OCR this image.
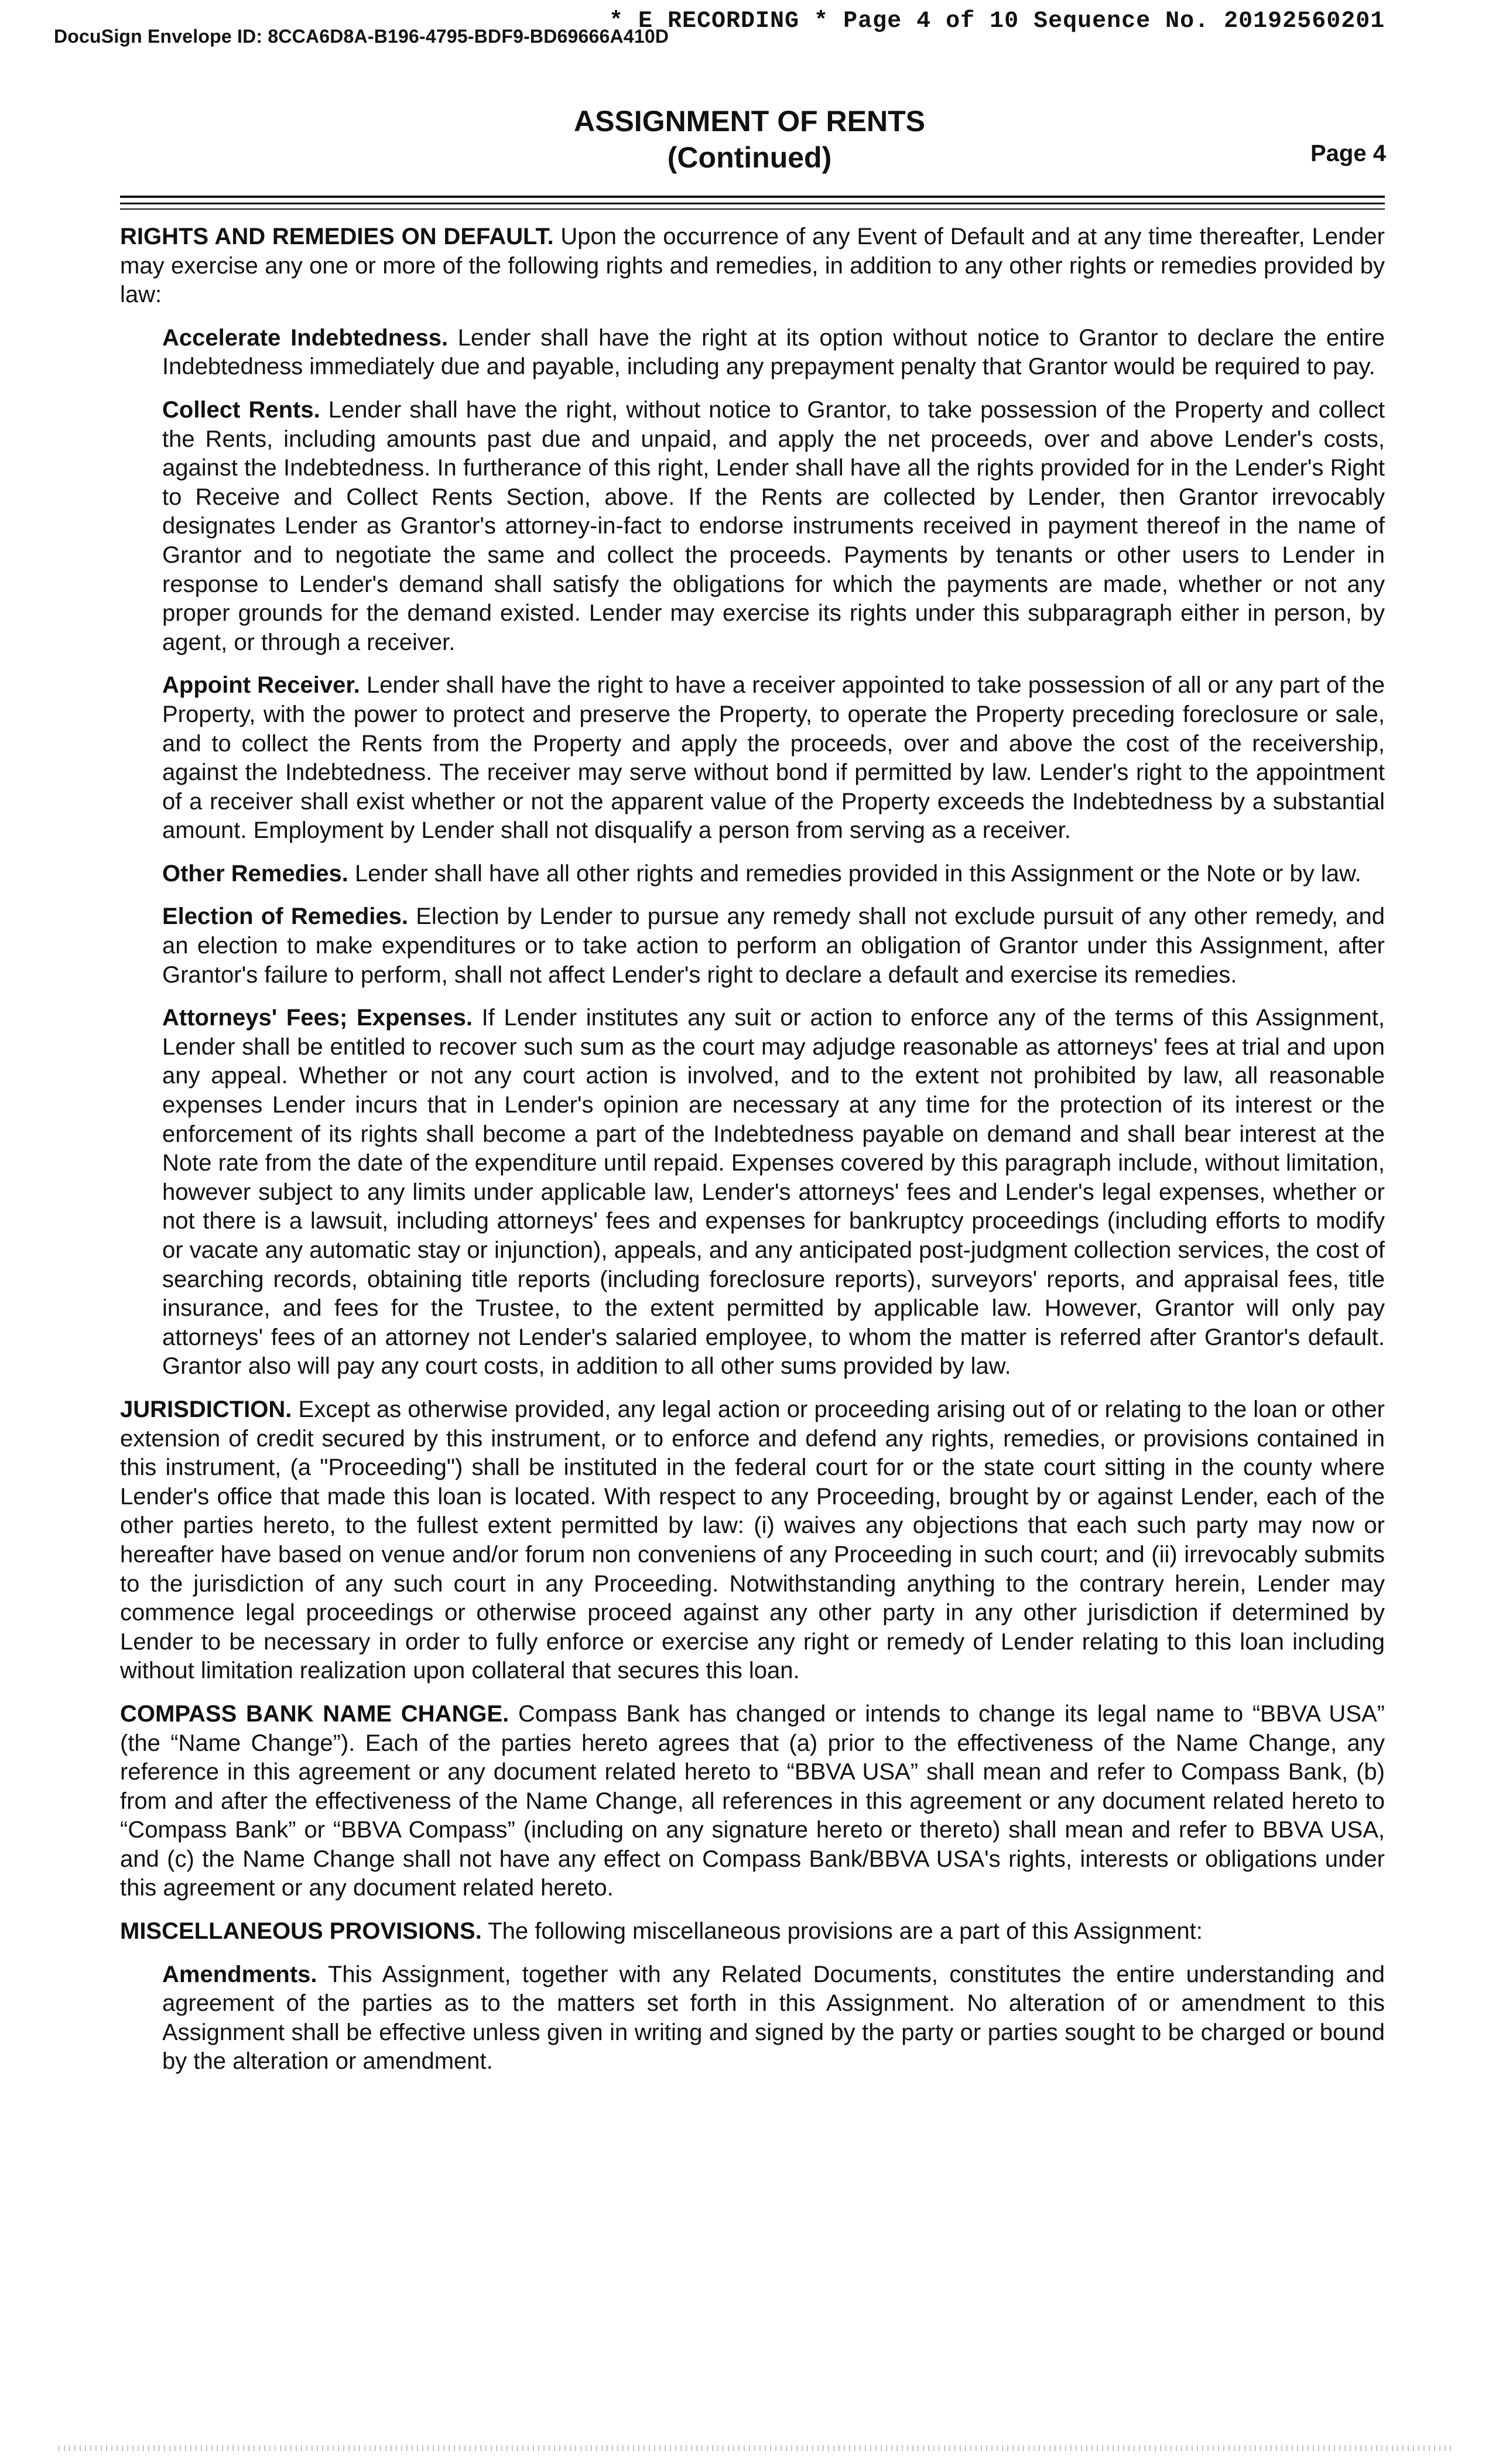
* E RECORDING * Page 4 of 10 Sequence No. 20192560201
DocuSign Envelope ID: 8CCA6D8A-B196-4795-BDF9-BD69666A410D
ASSIGNMENT OF RENTS
(Continued)	Page 4

RIGHTS AND REMEDIES ON DEFAULT. Upon the occurrence of any Event of Default and at any time thereafter, Lender may exercise any one or more of the following rights and remedies, in addition to any other rights or remedies provided by law:

Accelerate Indebtedness. Lender shall have the right at its option without notice to Grantor to declare the entire Indebtedness immediately due and payable, including any prepayment penalty that Grantor would be required to pay.

Collect Rents. Lender shall have the right, without notice to Grantor, to take possession of the Property and collect the Rents, including amounts past due and unpaid, and apply the net proceeds, over and above Lender's costs, against the Indebtedness. In furtherance of this right, Lender shall have all the rights provided for in the Lender's Right to Receive and Collect Rents Section, above. If the Rents are collected by Lender, then Grantor irrevocably designates Lender as Grantor's attorney-in-fact to endorse instruments received in payment thereof in the name of Grantor and to negotiate the same and collect the proceeds. Payments by tenants or other users to Lender in response to Lender's demand shall satisfy the obligations for which the payments are made, whether or not any proper grounds for the demand existed. Lender may exercise its rights under this subparagraph either in person, by agent, or through a receiver.

Appoint Receiver. Lender shall have the right to have a receiver appointed to take possession of all or any part of the Property, with the power to protect and preserve the Property, to operate the Property preceding foreclosure or sale, and to collect the Rents from the Property and apply the proceeds, over and above the cost of the receivership, against the Indebtedness. The receiver may serve without bond if permitted by law. Lender's right to the appointment of a receiver shall exist whether or not the apparent value of the Property exceeds the Indebtedness by a substantial amount. Employment by Lender shall not disqualify a person from serving as a receiver.

Other Remedies. Lender shall have all other rights and remedies provided in this Assignment or the Note or by law.

Election of Remedies. Election by Lender to pursue any remedy shall not exclude pursuit of any other remedy, and an election to make expenditures or to take action to perform an obligation of Grantor under this Assignment, after Grantor's failure to perform, shall not affect Lender's right to declare a default and exercise its remedies.

Attorneys' Fees; Expenses. If Lender institutes any suit or action to enforce any of the terms of this Assignment, Lender shall be entitled to recover such sum as the court may adjudge reasonable as attorneys' fees at trial and upon any appeal. Whether or not any court action is involved, and to the extent not prohibited by law, all reasonable expenses Lender incurs that in Lender's opinion are necessary at any time for the protection of its interest or the enforcement of its rights shall become a part of the Indebtedness payable on demand and shall bear interest at the Note rate from the date of the expenditure until repaid. Expenses covered by this paragraph include, without limitation, however subject to any limits under applicable law, Lender's attorneys' fees and Lender's legal expenses, whether or not there is a lawsuit, including attorneys' fees and expenses for bankruptcy proceedings (including efforts to modify or vacate any automatic stay or injunction), appeals, and any anticipated post-judgment collection services, the cost of searching records, obtaining title reports (including foreclosure reports), surveyors' reports, and appraisal fees, title insurance, and fees for the Trustee, to the extent permitted by applicable law. However, Grantor will only pay attorneys' fees of an attorney not Lender's salaried employee, to whom the matter is referred after Grantor's default. Grantor also will pay any court costs, in addition to all other sums provided by law.

JURISDICTION. Except as otherwise provided, any legal action or proceeding arising out of or relating to the loan or other extension of credit secured by this instrument, or to enforce and defend any rights, remedies, or provisions contained in this instrument, (a "Proceeding") shall be instituted in the federal court for or the state court sitting in the county where Lender's office that made this loan is located. With respect to any Proceeding, brought by or against Lender, each of the other parties hereto, to the fullest extent permitted by law: (i) waives any objections that each such party may now or hereafter have based on venue and/or forum non conveniens of any Proceeding in such court; and (ii) irrevocably submits to the jurisdiction of any such court in any Proceeding. Notwithstanding anything to the contrary herein, Lender may commence legal proceedings or otherwise proceed against any other party in any other jurisdiction if determined by Lender to be necessary in order to fully enforce or exercise any right or remedy of Lender relating to this loan including without limitation realization upon collateral that secures this loan.

COMPASS BANK NAME CHANGE. Compass Bank has changed or intends to change its legal name to “BBVA USA” (the “Name Change”). Each of the parties hereto agrees that (a) prior to the effectiveness of the Name Change, any reference in this agreement or any document related hereto to “BBVA USA” shall mean and refer to Compass Bank, (b) from and after the effectiveness of the Name Change, all references in this agreement or any document related hereto to “Compass Bank” or “BBVA Compass” (including on any signature hereto or thereto) shall mean and refer to BBVA USA, and (c) the Name Change shall not have any effect on Compass Bank/BBVA USA's rights, interests or obligations under this agreement or any document related hereto.

MISCELLANEOUS PROVISIONS. The following miscellaneous provisions are a part of this Assignment:

Amendments. This Assignment, together with any Related Documents, constitutes the entire understanding and agreement of the parties as to the matters set forth in this Assignment. No alteration of or amendment to this Assignment shall be effective unless given in writing and signed by the party or parties sought to be charged or bound by the alteration or amendment.
